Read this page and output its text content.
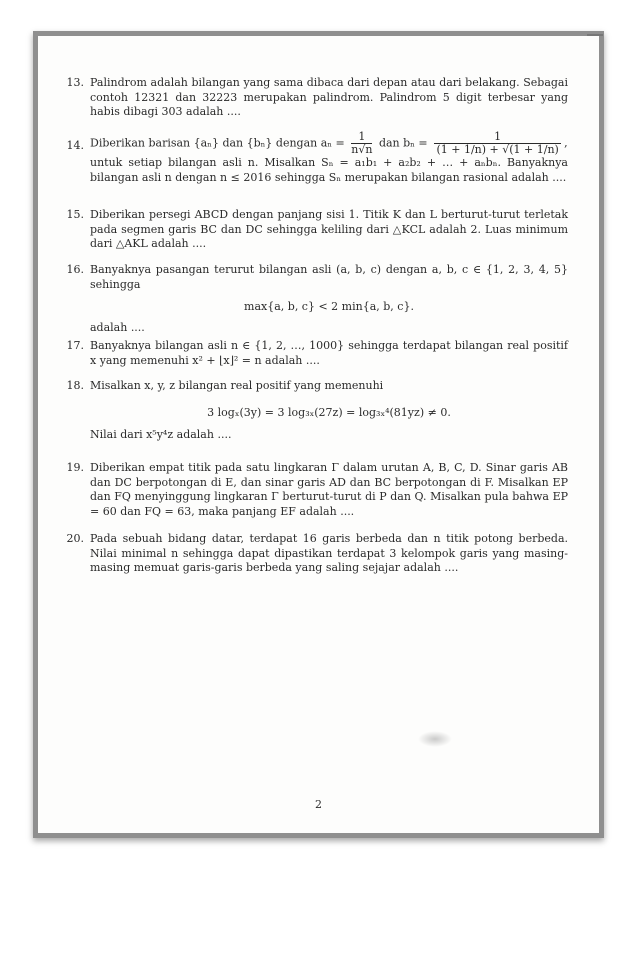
13. Palindrom adalah bilangan yang sama dibaca dari depan atau dari belakang. Sebagai contoh 12321 dan 32223 merupakan palindrom. Palindrom 5 digit terbesar yang habis dibagi 303 adalah ....

14. Diberikan barisan {aₙ} dan {bₙ} dengan $a_n = \frac{1}{n√n}$ dan $b_n = \frac{1}{(1 + 1/n) + √(1 + 1/n)}$ ,

untuk setiap bilangan asli n. Misalkan Sₙ = a₁b₁ + a₂b₂ + … + aₙbₙ. Banyaknya bilangan asli n dengan n ≤ 2016 sehingga Sₙ merupakan bilangan rasional adalah ....

15. Diberikan persegi ABCD dengan panjang sisi 1. Titik K dan L berturut-turut terletak pada segmen garis BC dan DC sehingga keliling dari △KCL adalah 2. Luas minimum dari △AKL adalah ....

16. Banyaknya pasangan terurut bilangan asli (a, b, c) dengan a, b, c ∈ {1, 2, 3, 4, 5} sehingga

max{a, b, c} < 2 min{a, b, c}.

adalah ....

17. Banyaknya bilangan asli n ∈ {1, 2, …, 1000} sehingga terdapat bilangan real positif x yang memenuhi x² + ⌊x⌋² = n adalah ....

18. Misalkan x, y, z bilangan real positif yang memenuhi

3 logₓ(3y) = 3 log₃ₓ(27z) = log₃ₓ⁴(81yz) ≠ 0.

Nilai dari x⁵y⁴z adalah ....

19. Diberikan empat titik pada satu lingkaran Γ dalam urutan A, B, C, D. Sinar garis AB dan DC berpotongan di E, dan sinar garis AD dan BC berpotongan di F. Misalkan EP dan FQ menyinggung lingkaran Γ berturut-turut di P dan Q. Misalkan pula bahwa EP = 60 dan FQ = 63, maka panjang EF adalah ....

20. Pada sebuah bidang datar, terdapat 16 garis berbeda dan n titik potong berbeda. Nilai minimal n sehingga dapat dipastikan terdapat 3 kelompok garis yang masing-masing memuat garis-garis berbeda yang saling sejajar adalah ....

2
